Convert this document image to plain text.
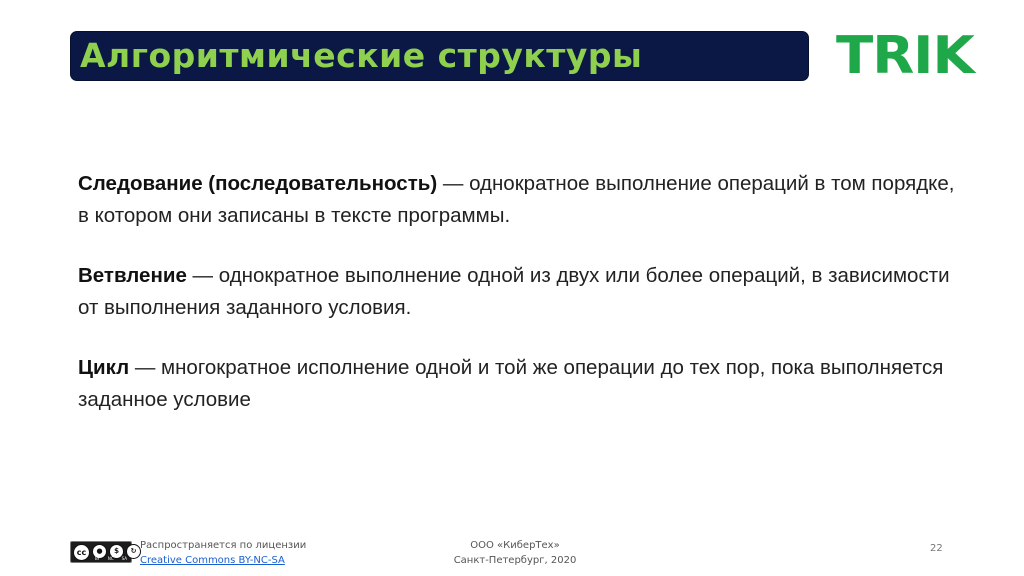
Алгоритмические структуры	TRIK

Следование (последовательность) — однократное выполнение операций в том порядке, в котором они записаны в тексте программы.

Ветвление — однократное выполнение одной из двух или более операций, в зависимости от выполнения заданного условия.

Цикл — многократное исполнение одной и той же операции до тех пор, пока выполняется заданное условие

cc	●	$	↻
BY NC SA
Распространяется по лицензии
Creative Commons BY-NC-SA
ООО «КиберТех»
Санкт-Петербург, 2020
22
